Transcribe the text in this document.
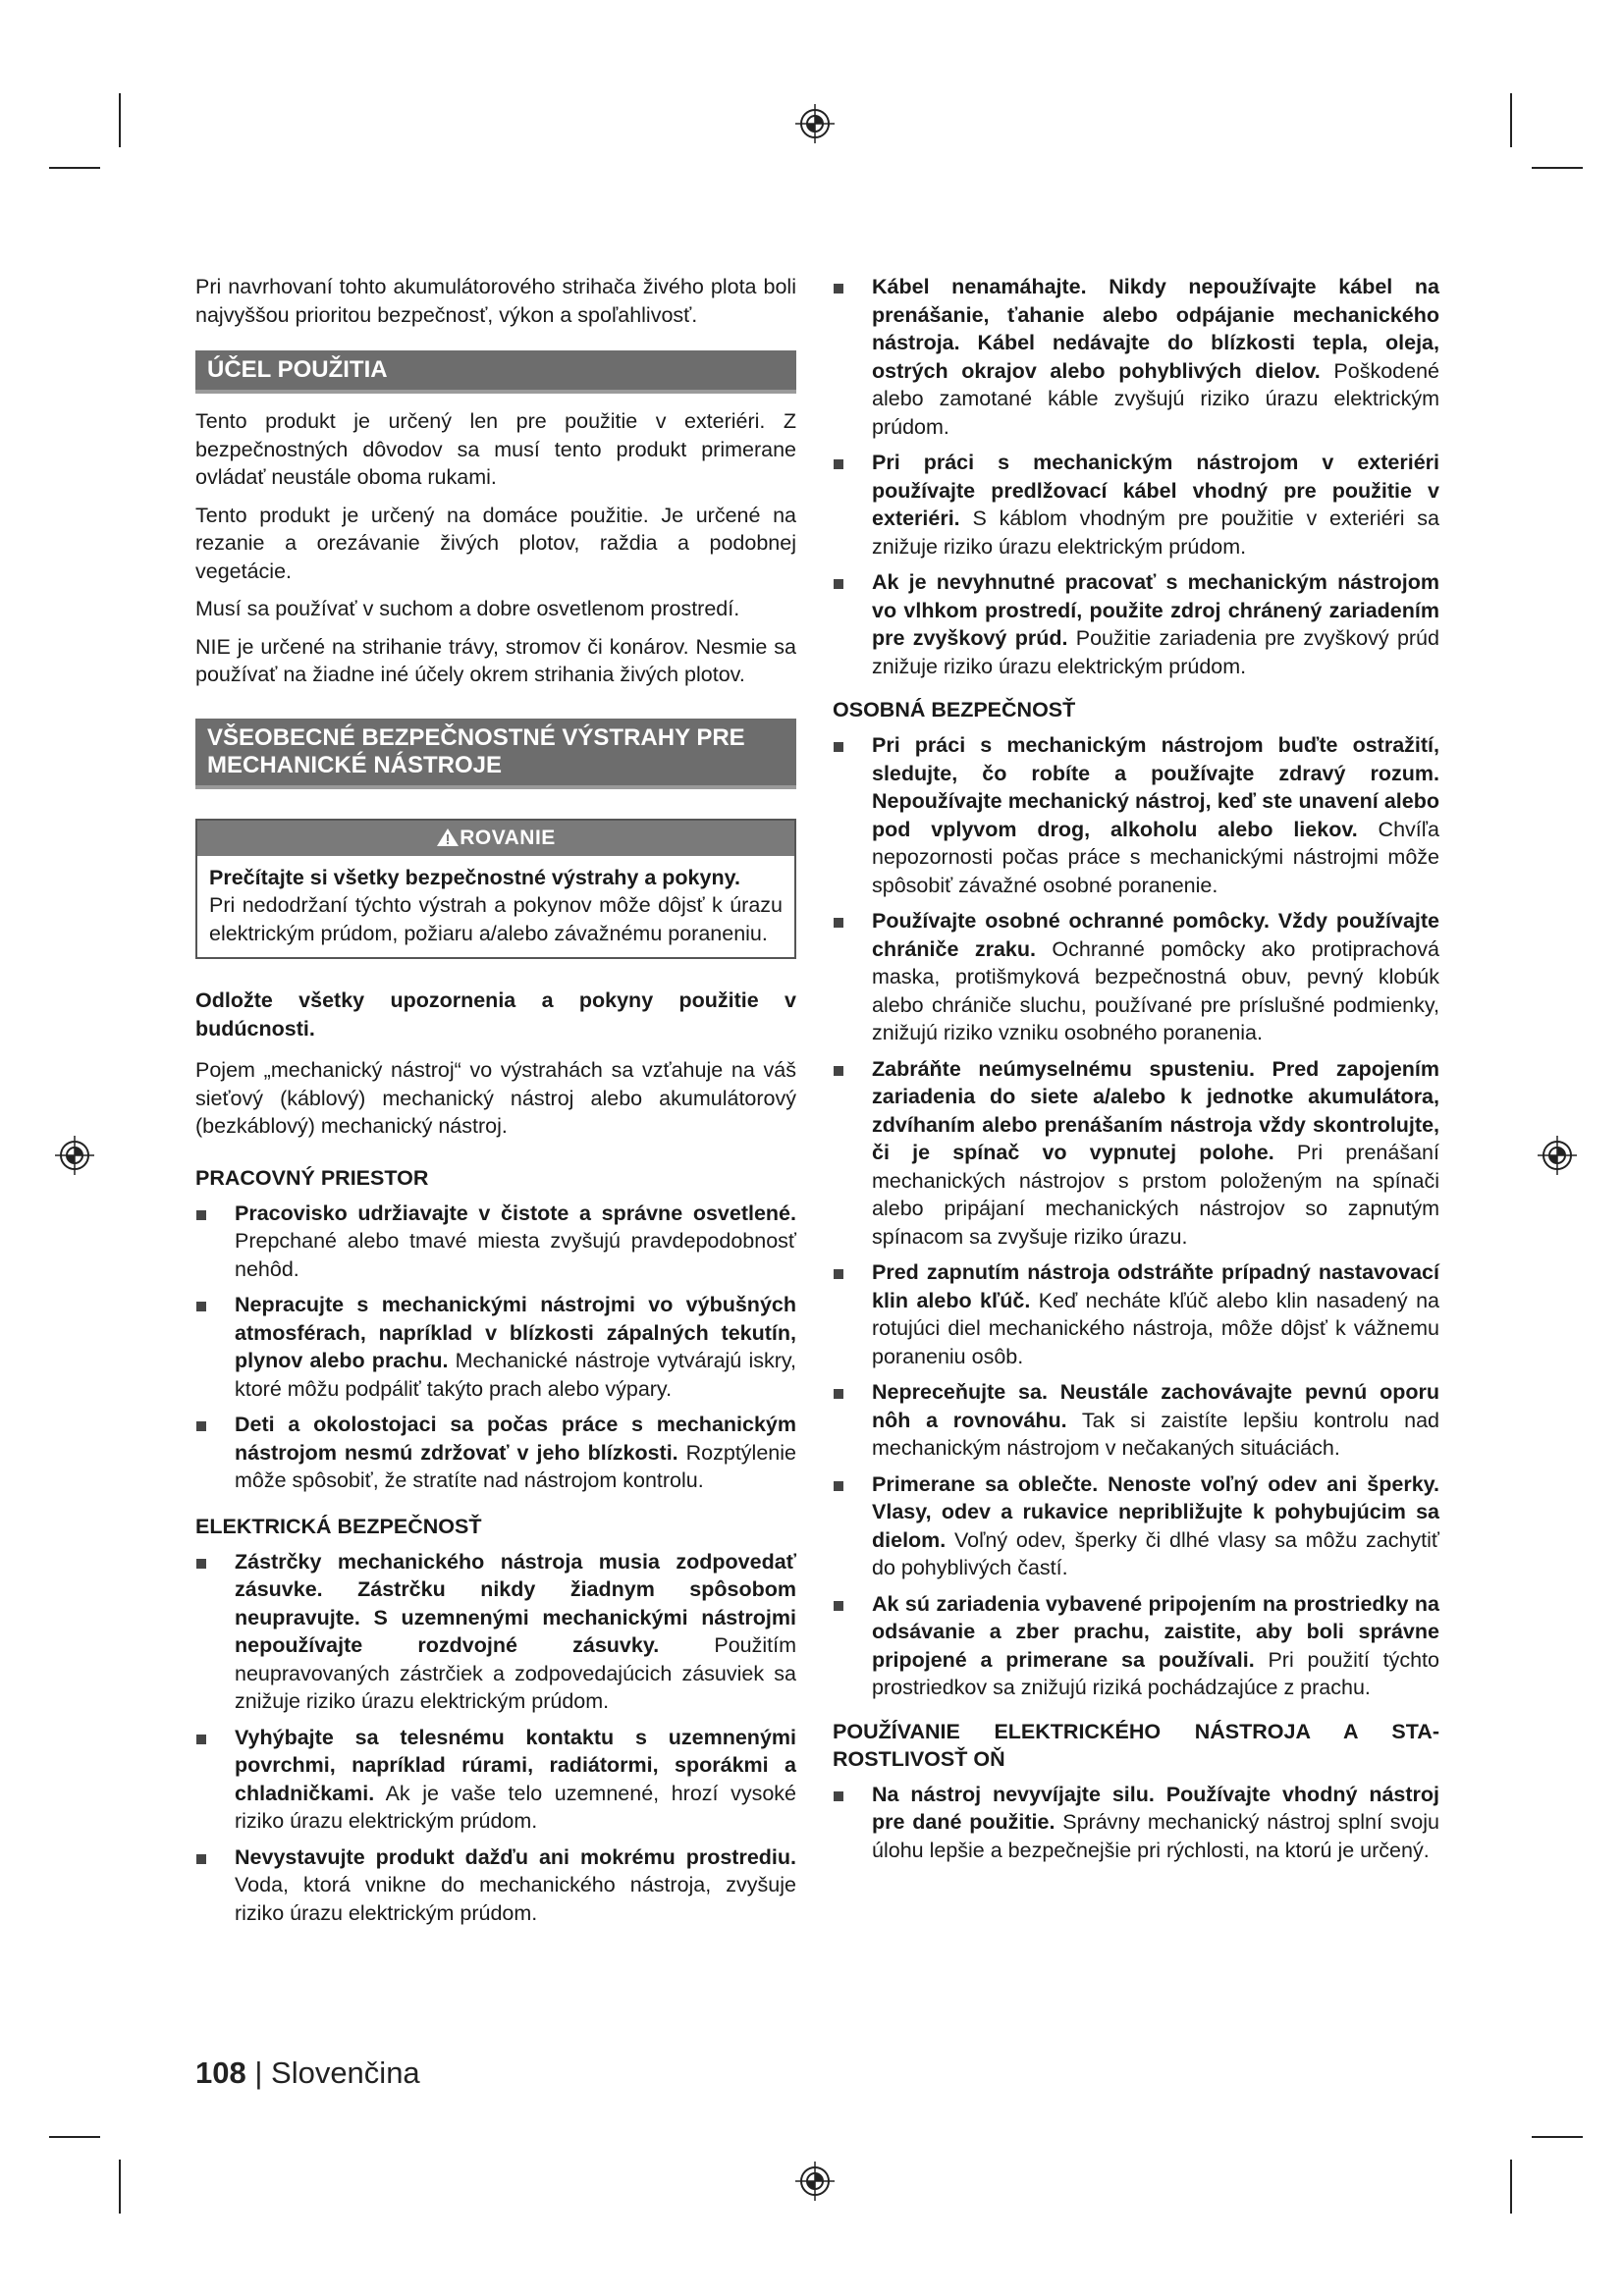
Pri navrhovaní tohto akumulátorového strihača živého plota boli najvyššou prioritou bezpečnosť, výkon a spoľahlivosť.

ÚČEL POUŽITIA

Tento produkt je určený len pre použitie v exteriéri. Z bezpečnostných dôvodov sa musí tento produkt primerane ovládať neustále oboma rukami.

Tento produkt je určený na domáce použitie. Je určené na rezanie a orezávanie živých plotov, raždia a podobnej vegetácie.

Musí sa používať v suchom a dobre osvetlenom prostredí.

NIE je určené na strihanie trávy, stromov či konárov. Nesmie sa používať na žiadne iné účely okrem strihania živých plotov.

VŠEOBECNÉ BEZPEČNOSTNÉ VÝSTRAHY PRE
MECHANICKÉ NÁSTROJE
ROVANIE

Prečítajte si všetky bezpečnostné výstrahy a pokyny.

Pri nedodržaní týchto výstrah a pokynov môže dôjsť k úrazu elektrickým prúdom, požiaru a/alebo závažnému poraneniu.

Odložte všetky upozornenia a pokyny použitie v budúcnosti.

Pojem „mechanický nástroj“ vo výstrahách sa vzťahuje na váš sieťový (káblový) mechanický nástroj alebo akumulátorový (bezkáblový) mechanický nástroj.

PRACOVNÝ PRIESTOR
Pracovisko udržiavajte v čistote a správne osvetlené. Prepchané alebo tmavé miesta zvyšujú pravdepodobnosť nehôd.
Nepracujte s mechanickými nástrojmi vo výbušných atmosférach, napríklad v blízkosti zápalných tekutín, plynov alebo prachu. Mechanické nástroje vytvárajú iskry, ktoré môžu podpáliť takýto prach alebo výpary.
Deti a okolostojaci sa počas práce s mechanickým nástrojom nesmú zdržovať v jeho blízkosti. Rozptýlenie môže spôsobiť, že stratíte nad nástrojom kontrolu.
ELEKTRICKÁ BEZPEČNOSŤ
Zástrčky mechanického nástroja musia zodpovedať zásuvke. Zástrčku nikdy žiadnym spôsobom neupravujte. S uzemnenými mechanickými nástrojmi nepoužívajte rozdvojné zásuvky. Použitím neupravovaných zástrčiek a zodpovedajúcich zásuviek sa znižuje riziko úrazu elektrickým prúdom.
Vyhýbajte sa telesnému kontaktu s uzemnenými povrchmi, napríklad rúrami, radiátormi, sporákmi a chladničkami. Ak je vaše telo uzemnené, hrozí vysoké riziko úrazu elektrickým prúdom.
Nevystavujte produkt dažďu ani mokrému prostrediu. Voda, ktorá vnikne do mechanického nástroja, zvyšuje riziko úrazu elektrickým prúdom.
Kábel nenamáhajte. Nikdy nepoužívajte kábel na prenášanie, ťahanie alebo odpájanie mechanického nástroja. Kábel nedávajte do blízkosti tepla, oleja, ostrých okrajov alebo pohyblivých dielov. Poškodené alebo zamotané káble zvyšujú riziko úrazu elektrickým prúdom.
Pri práci s mechanickým nástrojom v exteriéri používajte predlžovací kábel vhodný pre použitie v exteriéri. S káblom vhodným pre použitie v exteriéri sa znižuje riziko úrazu elektrickým prúdom.
Ak je nevyhnutné pracovať s mechanickým nástrojom vo vlhkom prostredí, použite zdroj chránený zariadením pre zvyškový prúd. Použitie zariadenia pre zvyškový prúd znižuje riziko úrazu elektrickým prúdom.
OSOBNÁ BEZPEČNOSŤ
Pri práci s mechanickým nástrojom buďte ostražití, sledujte, čo robíte a používajte zdravý rozum. Nepoužívajte mechanický nástroj, keď ste unavení alebo pod vplyvom drog, alkoholu alebo liekov. Chvíľa nepozornosti počas práce s mechanickými nástrojmi môže spôsobiť závažné osobné poranenie.
Používajte osobné ochranné pomôcky. Vždy používajte chrániče zraku. Ochranné pomôcky ako protiprachová maska, protišmyková bezpečnostná obuv, pevný klobúk alebo chrániče sluchu, používané pre príslušné podmienky, znižujú riziko vzniku osobného poranenia.
Zabráňte neúmyselnému spusteniu. Pred zapojením zariadenia do siete a/alebo k jednotke akumulátora, zdvíhaním alebo prenášaním nástroja vždy skontrolujte, či je spínač vo vypnutej polohe. Pri prenášaní mechanických nástrojov s prstom položeným na spínači alebo pripájaní mechanických nástrojov so zapnutým spínacom sa zvyšuje riziko úrazu.
Pred zapnutím nástroja odstráňte prípadný nastavovací klin alebo kľúč. Keď necháte kľúč alebo klin nasadený na rotujúci diel mechanického nástroja, môže dôjsť k vážnemu poraneniu osôb.
Nepreceňujte sa. Neustále zachovávajte pevnú oporu nôh a rovnováhu. Tak si zaistíte lepšiu kontrolu nad mechanickým nástrojom v nečakaných situáciách.
Primerane sa oblečte. Nenoste voľný odev ani šperky. Vlasy, odev a rukavice nepribližujte k pohybujúcim sa dielom. Voľný odev, šperky či dlhé vlasy sa môžu zachytiť do pohyblivých častí.
Ak sú zariadenia vybavené pripojením na prostriedky na odsávanie a zber prachu, zaistite, aby boli správne pripojené a primerane sa používali. Pri použití týchto prostriedkov sa znižujú riziká pochádzajúce z prachu.
POUŽÍVANIE ELEKTRICKÉHO NÁSTROJA A STA-ROSTLIVOSŤ OŇ
Na nástroj nevyvíjajte silu. Používajte vhodný nástroj pre dané použitie. Správny mechanický nástroj splní svoju úlohu lepšie a bezpečnejšie pri rýchlosti, na ktorú je určený.
108 | Slovenčina
